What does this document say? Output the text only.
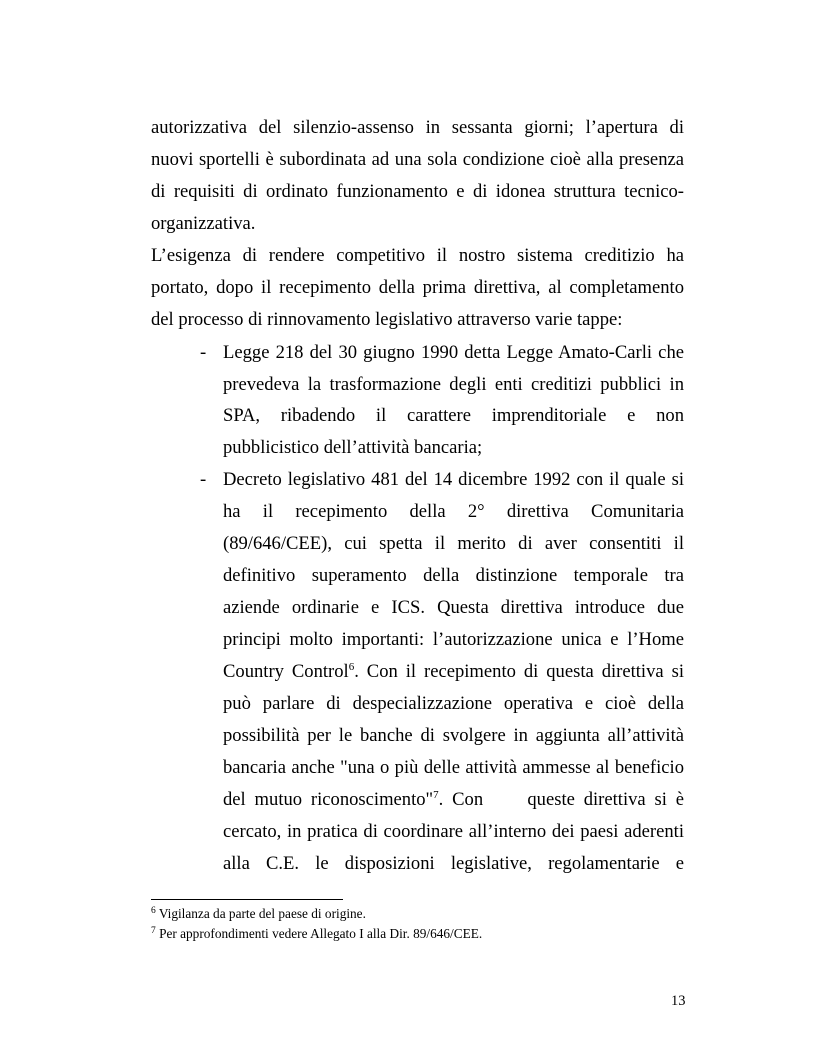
autorizzativa del silenzio-assenso in sessanta giorni; l’apertura di
nuovi sportelli è subordinata ad una sola condizione cioè alla presenza
di requisiti di ordinato funzionamento e di idonea struttura tecnico-
organizzativa.
L’esigenza di rendere competitivo il nostro sistema creditizio ha
portato, dopo il recepimento della prima direttiva, al completamento
del processo di rinnovamento legislativo attraverso varie tappe:
- Legge 218 del 30 giugno 1990 detta Legge Amato-Carli che
prevedeva la trasformazione degli enti creditizi pubblici in
SPA, ribadendo il carattere imprenditoriale e non
pubblicistico dell’attività bancaria;
- Decreto legislativo 481 del 14 dicembre 1992 con il quale si
ha il recepimento della 2° direttiva Comunitaria
(89/646/CEE), cui spetta il merito di aver consentiti il
definitivo superamento della distinzione temporale tra
aziende ordinarie e ICS. Questa direttiva introduce due
principi molto importanti: l’autorizzazione unica e l’Home
Country Control$^6$. Con il recepimento di questa direttiva si
può parlare di despecializzazione operativa e cioè della
possibilità per le banche di svolgere in aggiunta all’attività
bancaria anche "una o più delle attività ammesse al beneficio
del mutuo riconoscimento"$^7$. Con     queste direttiva si è
cercato, in pratica di coordinare all’interno dei paesi aderenti
alla C.E. le disposizioni legislative, regolamentarie e
$^6$ Vigilanza da parte del paese di origine.
$^7$ Per approfondimenti vedere Allegato I alla Dir. 89/646/CEE.
13
